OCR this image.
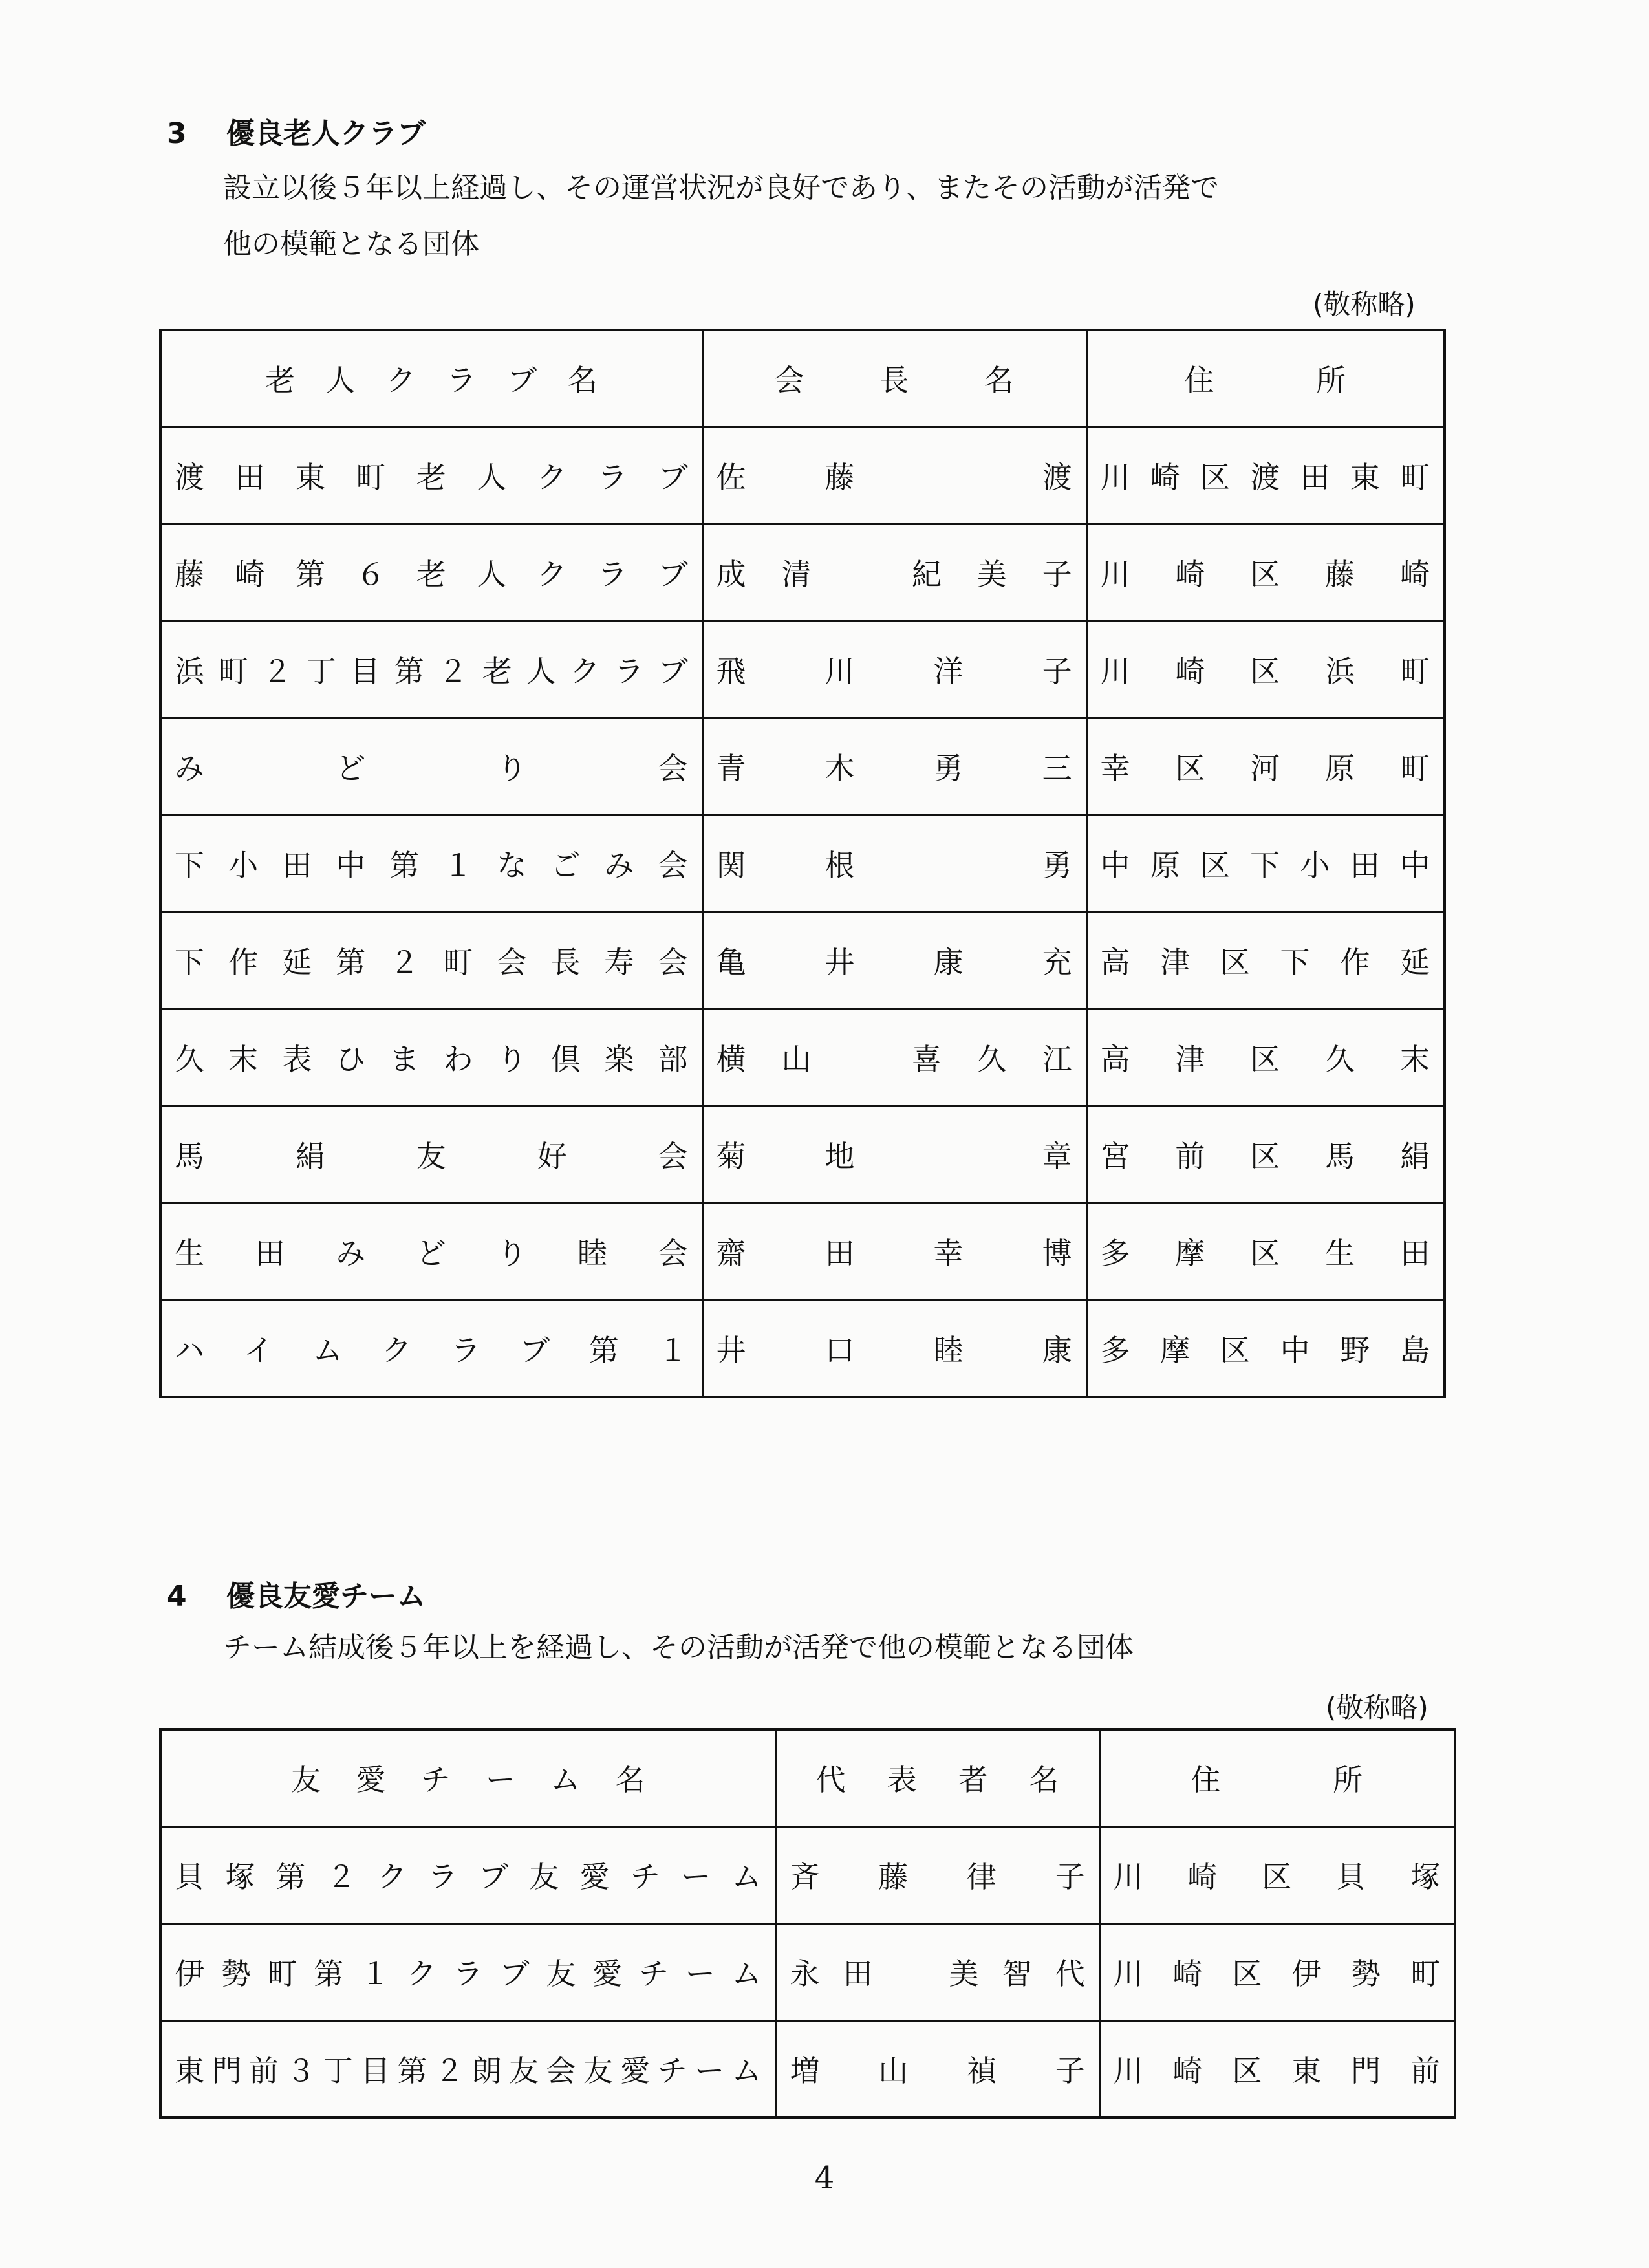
3 優良老人クラブ
設立以後５年以上経過し、その運営状況が良好であり、またその活動が活発で
他の模範となる団体
(敬称略)
老人クラブ名	会長名	住所

渡田東町老人クラブ	佐藤　渡	川崎区渡田東町

藤崎第６老人クラブ	成清　紀美子	川崎区藤崎

浜町２丁目第２老人クラブ	飛川洋子	川崎区浜町

みどり会	青木勇三	幸区河原町

下小田中第１なごみ会	関根　勇	中原区下小田中

下作延第２町会長寿会	亀井康充	高津区下作延

久末表ひまわり倶楽部	横山　喜久江	高津区久末

馬絹友好会	菊地　章	宮前区馬絹

生田みどり睦会	齋田幸博	多摩区生田

ハイムクラブ第１	井口睦康	多摩区中野島
4 優良友愛チーム
チーム結成後５年以上を経過し、その活動が活発で他の模範となる団体
(敬称略)
友愛チーム名	代表者名	住所

貝塚第２クラブ友愛チーム	斉藤律子	川崎区貝塚

伊勢町第１クラブ友愛チーム	永田　美智代	川崎区伊勢町

東門前３丁目第２朗友会友愛チーム	増山禎子	川崎区東門前
4
